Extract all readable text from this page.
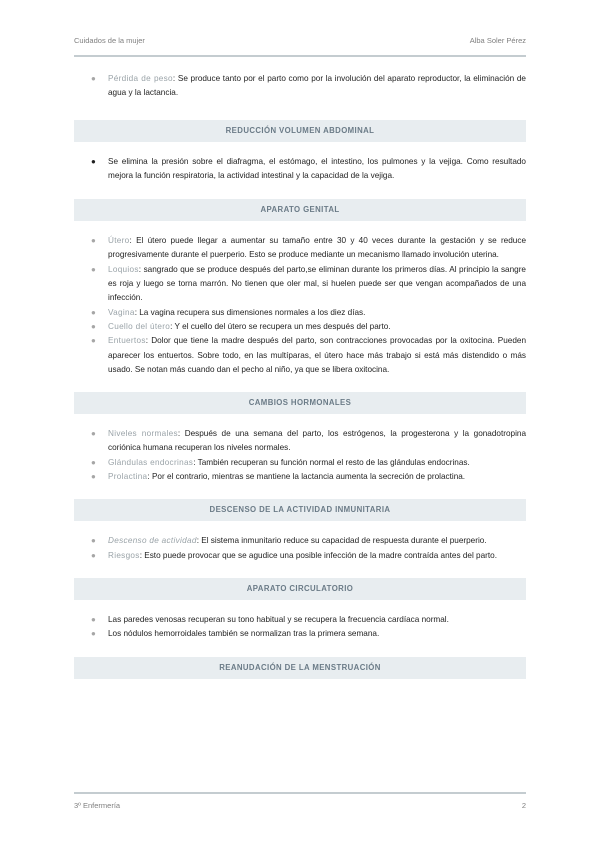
Cuidados de la mujer	Alba Soler Pérez
● Pérdida de peso: Se produce tanto por el parto como por la involución del aparato reproductor, la eliminación de agua y la lactancia.
REDUCCIÓN VOLUMEN ABDOMINAL
● Se elimina la presión sobre el diafragma, el estómago, el intestino, los pulmones y la vejiga. Como resultado mejora la función respiratoria, la actividad intestinal y la capacidad de la vejiga.
APARATO GENITAL
● Útero: El útero puede llegar a aumentar su tamaño entre 30 y 40 veces durante la gestación y se reduce progresivamente durante el puerperio. Esto se produce mediante un mecanismo llamado involución uterina.
● Loquios: sangrado que se produce después del parto,se eliminan durante los primeros días. Al principio la sangre es roja y luego se torna marrón. No tienen que oler mal, si huelen puede ser que vengan acompañados de una infección.
● Vagina: La vagina recupera sus dimensiones normales a los diez días.
● Cuello del útero: Y el cuello del útero se recupera un mes después del parto.
● Entuertos: Dolor que tiene la madre después del parto, son contracciones provocadas por la oxitocina. Pueden aparecer los entuertos. Sobre todo, en las multíparas, el útero hace más trabajo si está más distendido o más usado. Se notan más cuando dan el pecho al niño, ya que se libera oxitocina.
CAMBIOS HORMONALES
● Niveles normales: Después de una semana del parto, los estrógenos, la progesterona y la gonadotropina coriónica humana recuperan los niveles normales.
● Glándulas endocrinas: También recuperan su función normal el resto de las glándulas endocrinas.
● Prolactina: Por el contrario, mientras se mantiene la lactancia aumenta la secreción de prolactina.
DESCENSO DE LA ACTIVIDAD INMUNITARIA
● Descenso de actividad: El sistema inmunitario reduce su capacidad de respuesta durante el puerperio.
● Riesgos: Esto puede provocar que se agudice una posible infección de la madre contraída antes del parto.
APARATO CIRCULATORIO
● Las paredes venosas recuperan su tono habitual y se recupera la frecuencia cardíaca normal.
● Los nódulos hemorroidales también se normalizan tras la primera semana.
REANUDACIÓN DE LA MENSTRUACIÓN
3º Enfermería	2
